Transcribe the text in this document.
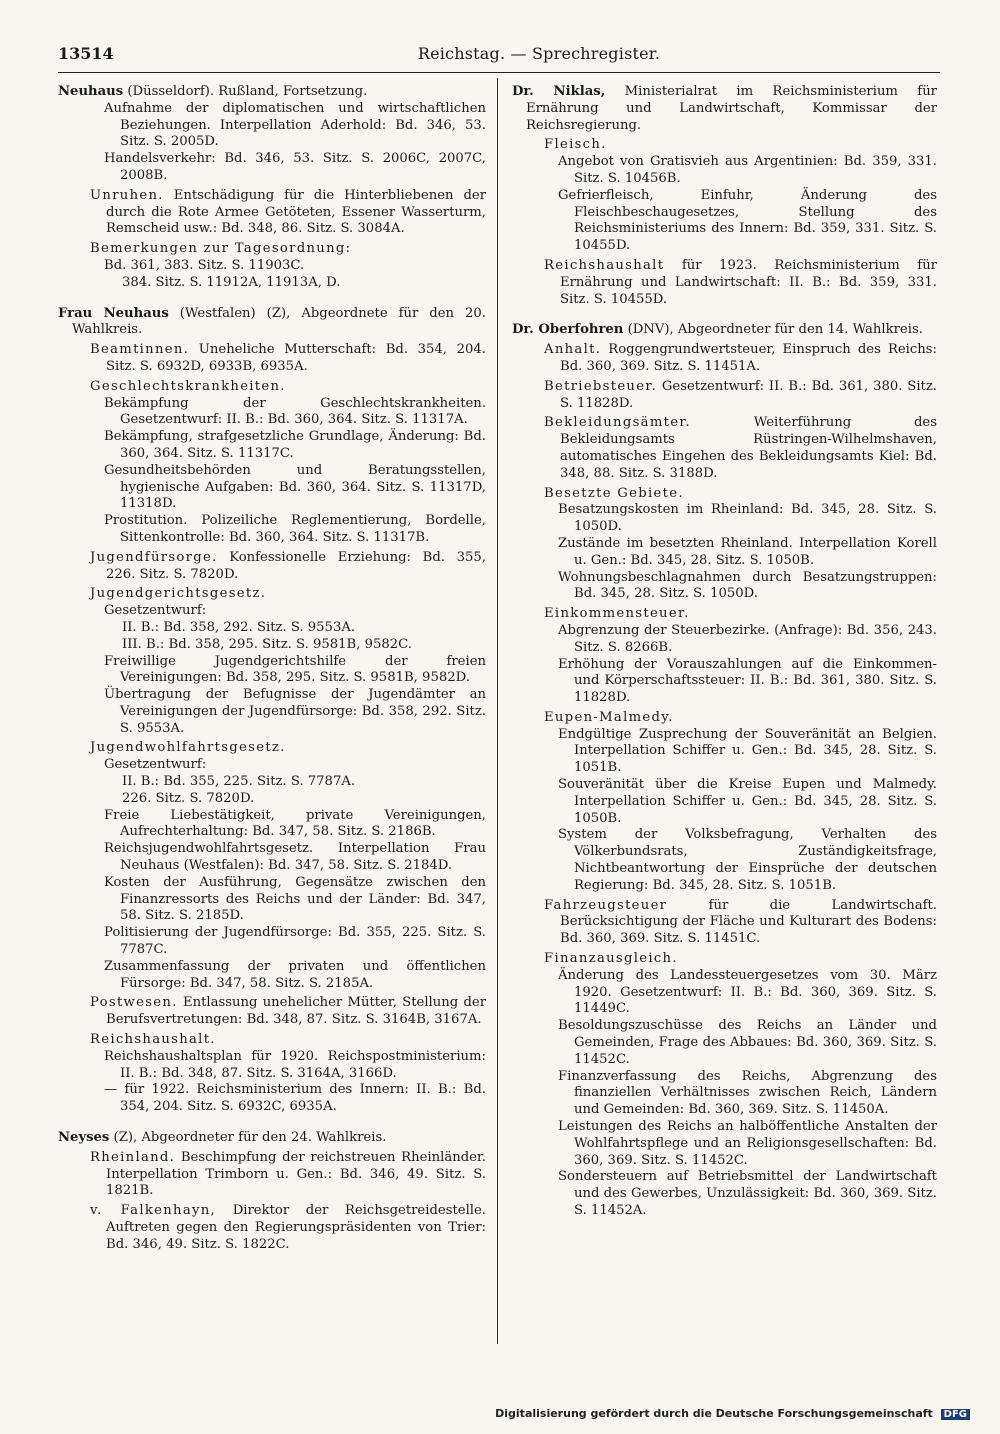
13514	Reichstag. — Sprechregister.
Neuhaus (Düsseldorf). Rußland, Fortsetzung.
Aufnahme der diplomatischen und wirtschaftlichen Beziehungen. Interpellation Aderhold: Bd. 346, 53. Sitz. S. 2005D.
Handelsverkehr: Bd. 346, 53. Sitz. S. 2006C, 2007C, 2008B.
Unruhen. Entschädigung für die Hinterbliebenen der durch die Rote Armee Getöteten, Essener Wasserturm, Remscheid usw.: Bd. 348, 86. Sitz. S. 3084A.
Bemerkungen zur Tagesordnung:
Bd. 361, 383. Sitz. S. 11903C.
384. Sitz. S. 11912A, 11913A, D.
Frau Neuhaus (Westfalen) (Z), Abgeordnete für den 20. Wahlkreis.
Beamtinnen. Uneheliche Mutterschaft: Bd. 354, 204. Sitz. S. 6932D, 6933B, 6935A.
Geschlechtskrankheiten.
Bekämpfung der Geschlechtskrankheiten. Gesetzentwurf: II. B.: Bd. 360, 364. Sitz. S. 11317A.
Bekämpfung, strafgesetzliche Grundlage, Änderung: Bd. 360, 364. Sitz. S. 11317C.
Gesundheitsbehörden und Beratungsstellen, hygienische Aufgaben: Bd. 360, 364. Sitz. S. 11317D, 11318D.
Prostitution. Polizeiliche Reglementierung, Bordelle, Sittenkontrolle: Bd. 360, 364. Sitz. S. 11317B.
Jugendfürsorge. Konfessionelle Erziehung: Bd. 355, 226. Sitz. S. 7820D.
Jugendgerichtsgesetz.
Gesetzentwurf:
II. B.: Bd. 358, 292. Sitz. S. 9553A.
III. B.: Bd. 358, 295. Sitz. S. 9581B, 9582C.
Freiwillige Jugendgerichtshilfe der freien Vereinigungen: Bd. 358, 295. Sitz. S. 9581B, 9582D.
Übertragung der Befugnisse der Jugendämter an Vereinigungen der Jugendfürsorge: Bd. 358, 292. Sitz. S. 9553A.
Jugendwohlfahrtsgesetz.
Gesetzentwurf:
II. B.: Bd. 355, 225. Sitz. S. 7787A.
226. Sitz. S. 7820D.
Freie Liebestätigkeit, private Vereinigungen, Aufrechterhaltung: Bd. 347, 58. Sitz. S. 2186B.
Reichsjugendwohlfahrtsgesetz. Interpellation Frau Neuhaus (Westfalen): Bd. 347, 58. Sitz. S. 2184D.
Kosten der Ausführung, Gegensätze zwischen den Finanzressorts des Reichs und der Länder: Bd. 347, 58. Sitz. S. 2185D.
Politisierung der Jugendfürsorge: Bd. 355, 225. Sitz. S. 7787C.
Zusammenfassung der privaten und öffentlichen Fürsorge: Bd. 347, 58. Sitz. S. 2185A.
Postwesen. Entlassung unehelicher Mütter, Stellung der Berufsvertretungen: Bd. 348, 87. Sitz. S. 3164B, 3167A.
Reichshaushalt.
Reichshaushaltsplan für 1920. Reichspostministerium: II. B.: Bd. 348, 87. Sitz. S. 3164A, 3166D.
— für 1922. Reichsministerium des Innern: II. B.: Bd. 354, 204. Sitz. S. 6932C, 6935A.
Neyses (Z), Abgeordneter für den 24. Wahlkreis.
Rheinland. Beschimpfung der reichstreuen Rheinländer. Interpellation Trimborn u. Gen.: Bd. 346, 49. Sitz. S. 1821B.
v. Falkenhayn, Direktor der Reichsgetreidestelle. Auftreten gegen den Regierungspräsidenten von Trier: Bd. 346, 49. Sitz. S. 1822C.
Dr. Niklas, Ministerialrat im Reichsministerium für Ernährung und Landwirtschaft, Kommissar der Reichsregierung.
Fleisch.
Angebot von Gratisvieh aus Argentinien: Bd. 359, 331. Sitz. S. 10456B.
Gefrierfleisch, Einfuhr, Änderung des Fleischbeschaugesetzes, Stellung des Reichsministeriums des Innern: Bd. 359, 331. Sitz. S. 10455D.
Reichshaushalt für 1923. Reichsministerium für Ernährung und Landwirtschaft: II. B.: Bd. 359, 331. Sitz. S. 10455D.
Dr. Oberfohren (DNV), Abgeordneter für den 14. Wahlkreis.
Anhalt. Roggengrundwertsteuer, Einspruch des Reichs: Bd. 360, 369. Sitz. S. 11451A.
Betriebsteuer. Gesetzentwurf: II. B.: Bd. 361, 380. Sitz. S. 11828D.
Bekleidungsämter. Weiterführung des Bekleidungsamts Rüstringen-Wilhelmshaven, automatisches Eingehen des Bekleidungsamts Kiel: Bd. 348, 88. Sitz. S. 3188D.
Besetzte Gebiete.
Besatzungskosten im Rheinland: Bd. 345, 28. Sitz. S. 1050D.
Zustände im besetzten Rheinland. Interpellation Korell u. Gen.: Bd. 345, 28. Sitz. S. 1050B.
Wohnungsbeschlagnahmen durch Besatzungstruppen: Bd. 345, 28. Sitz. S. 1050D.
Einkommensteuer.
Abgrenzung der Steuerbezirke. (Anfrage): Bd. 356, 243. Sitz. S. 8266B.
Erhöhung der Vorauszahlungen auf die Einkommen- und Körperschaftssteuer: II. B.: Bd. 361, 380. Sitz. S. 11828D.
Eupen-Malmedy.
Endgültige Zusprechung der Souveränität an Belgien. Interpellation Schiffer u. Gen.: Bd. 345, 28. Sitz. S. 1051B.
Souveränität über die Kreise Eupen und Malmedy. Interpellation Schiffer u. Gen.: Bd. 345, 28. Sitz. S. 1050B.
System der Volksbefragung, Verhalten des Völkerbundsrats, Zuständigkeitsfrage, Nichtbeantwortung der Einsprüche der deutschen Regierung: Bd. 345, 28. Sitz. S. 1051B.
Fahrzeugsteuer für die Landwirtschaft. Berücksichtigung der Fläche und Kulturart des Bodens: Bd. 360, 369. Sitz. S. 11451C.
Finanzausgleich.
Änderung des Landessteuergesetzes vom 30. März 1920. Gesetzentwurf: II. B.: Bd. 360, 369. Sitz. S. 11449C.
Besoldungszuschüsse des Reichs an Länder und Gemeinden, Frage des Abbaues: Bd. 360, 369. Sitz. S. 11452C.
Finanzverfassung des Reichs, Abgrenzung des finanziellen Verhältnisses zwischen Reich, Ländern und Gemeinden: Bd. 360, 369. Sitz. S. 11450A.
Leistungen des Reichs an halböffentliche Anstalten der Wohlfahrtspflege und an Religionsgesellschaften: Bd. 360, 369. Sitz. S. 11452C.
Sondersteuern auf Betriebsmittel der Landwirtschaft und des Gewerbes, Unzulässigkeit: Bd. 360, 369. Sitz. S. 11452A.
Digitalisierung gefördert durch die Deutsche Forschungsgemeinschaft DFG
